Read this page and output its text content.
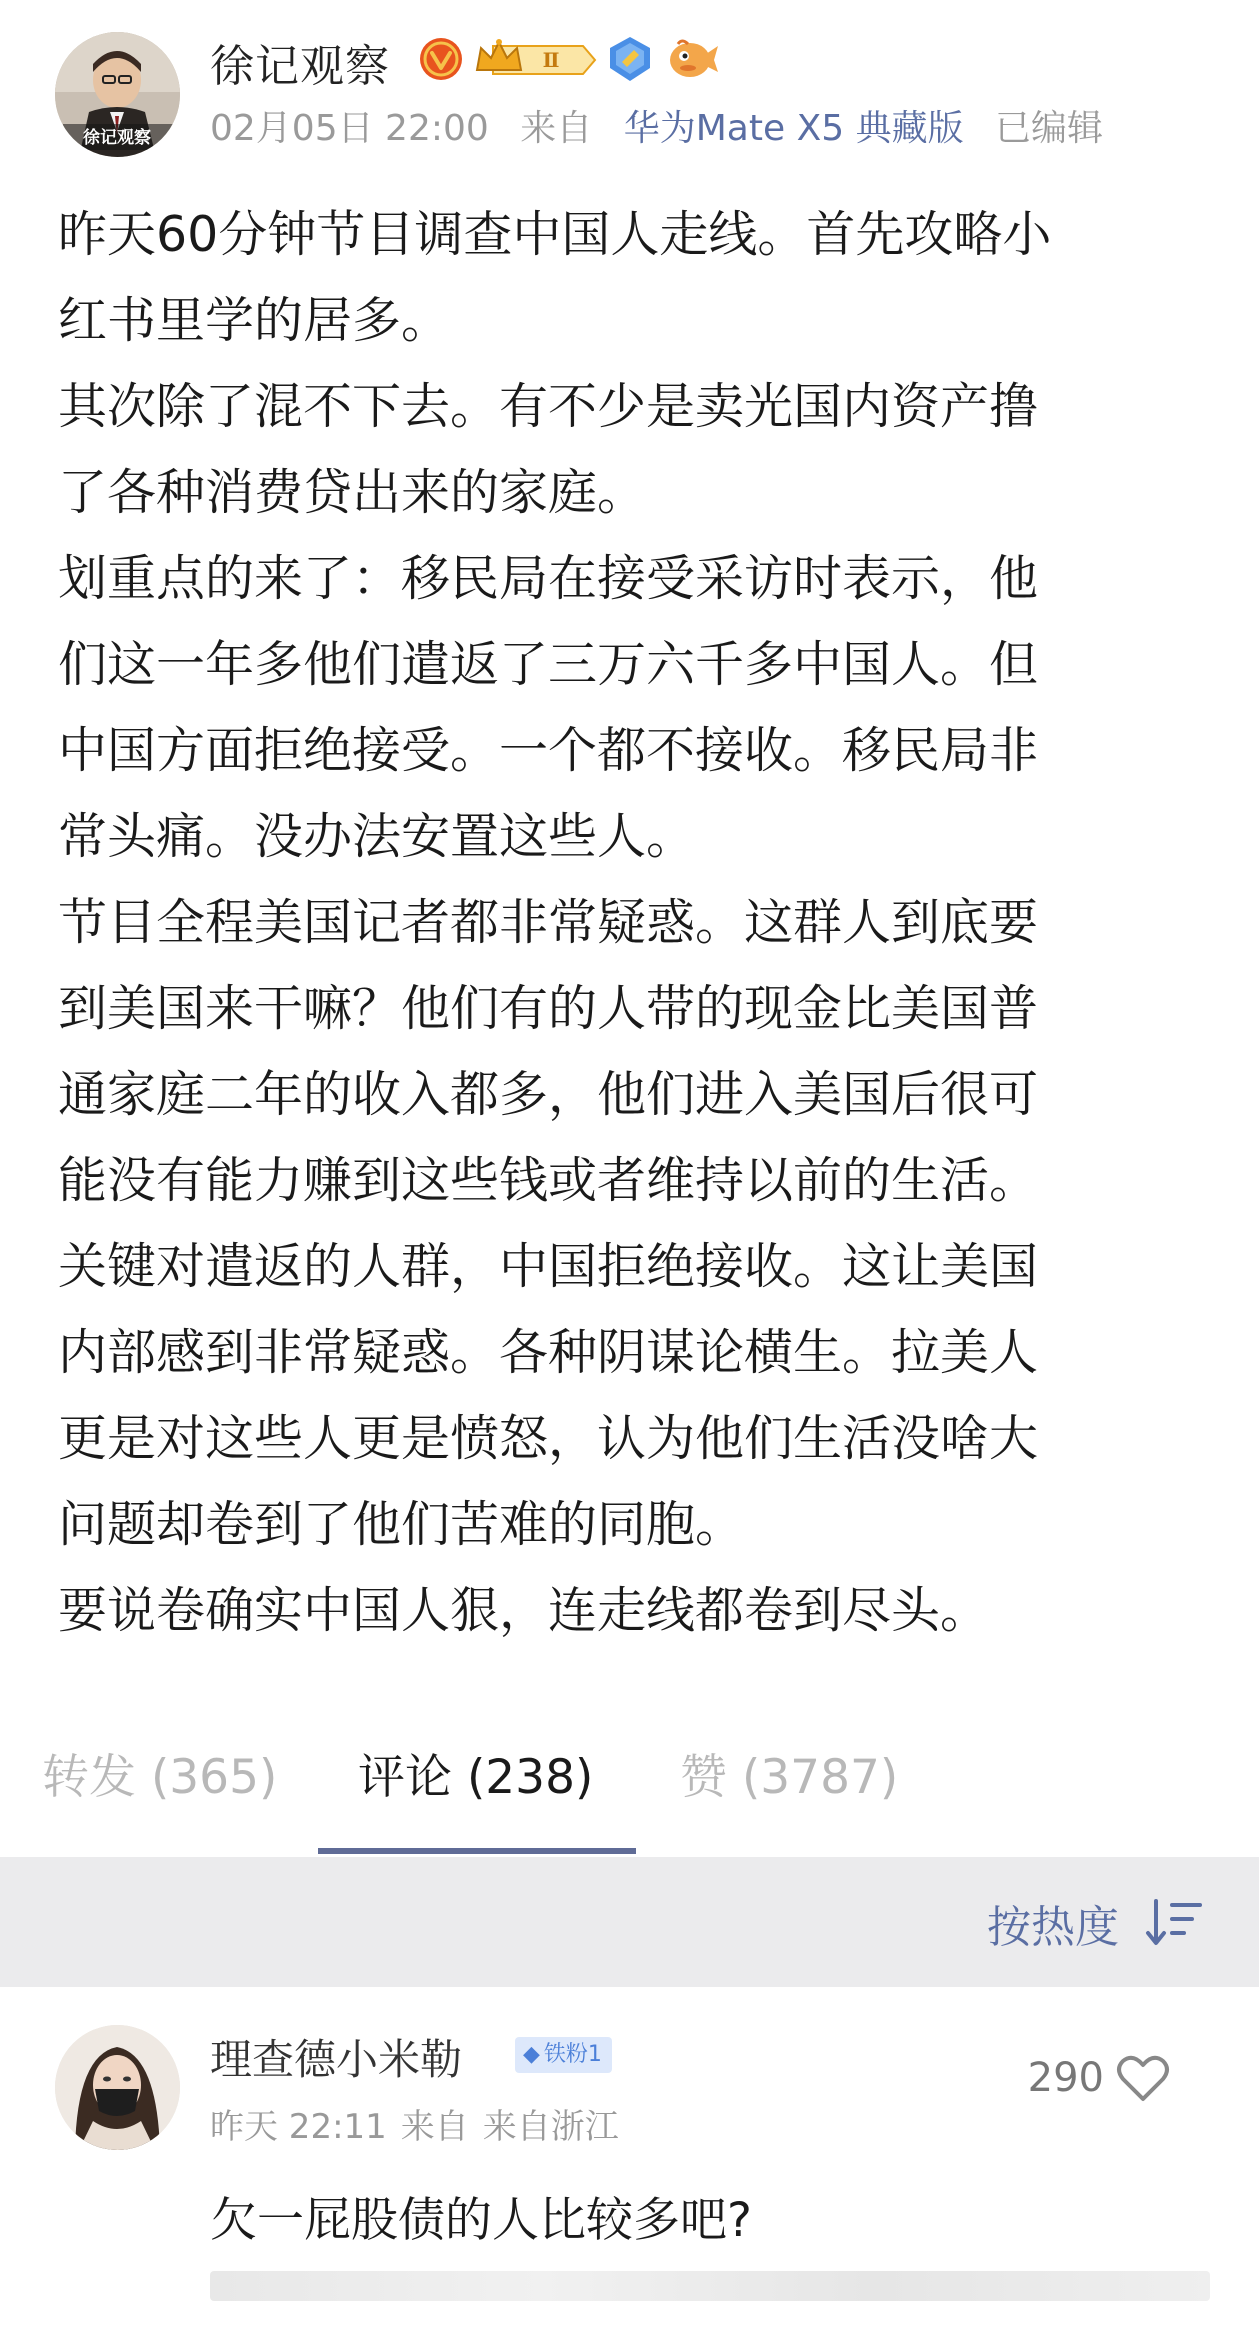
徐记观察
徐记观察	Ⅱ
02月05日 22:00 来自 华为Mate X5 典藏版 已编辑

昨天60分钟节目调查中国人走线。首先攻略小

红书里学的居多。

其次除了混不下去。有不少是卖光国内资产撸

了各种消费贷出来的家庭。

划重点的来了：移民局在接受采访时表示，他

们这一年多他们遣返了三万六千多中国人。但

中国方面拒绝接受。一个都不接收。移民局非

常头痛。没办法安置这些人。

节目全程美国记者都非常疑惑。这群人到底要

到美国来干嘛？他们有的人带的现金比美国普

通家庭二年的收入都多，他们进入美国后很可

能没有能力赚到这些钱或者维持以前的生活。

关键对遣返的人群，中国拒绝接收。这让美国

内部感到非常疑惑。各种阴谋论横生。拉美人

更是对这些人更是愤怒，认为他们生活没啥大

问题却卷到了他们苦难的同胞。

要说卷确实中国人狠，连走线都卷到尽头。

转发 (365) 评论 (238) 赞 (3787)
按热度
理查德小米勒	◆ 铁粉1
昨天 22:11 来自 来自浙江
290
欠一屁股债的人比较多吧?
